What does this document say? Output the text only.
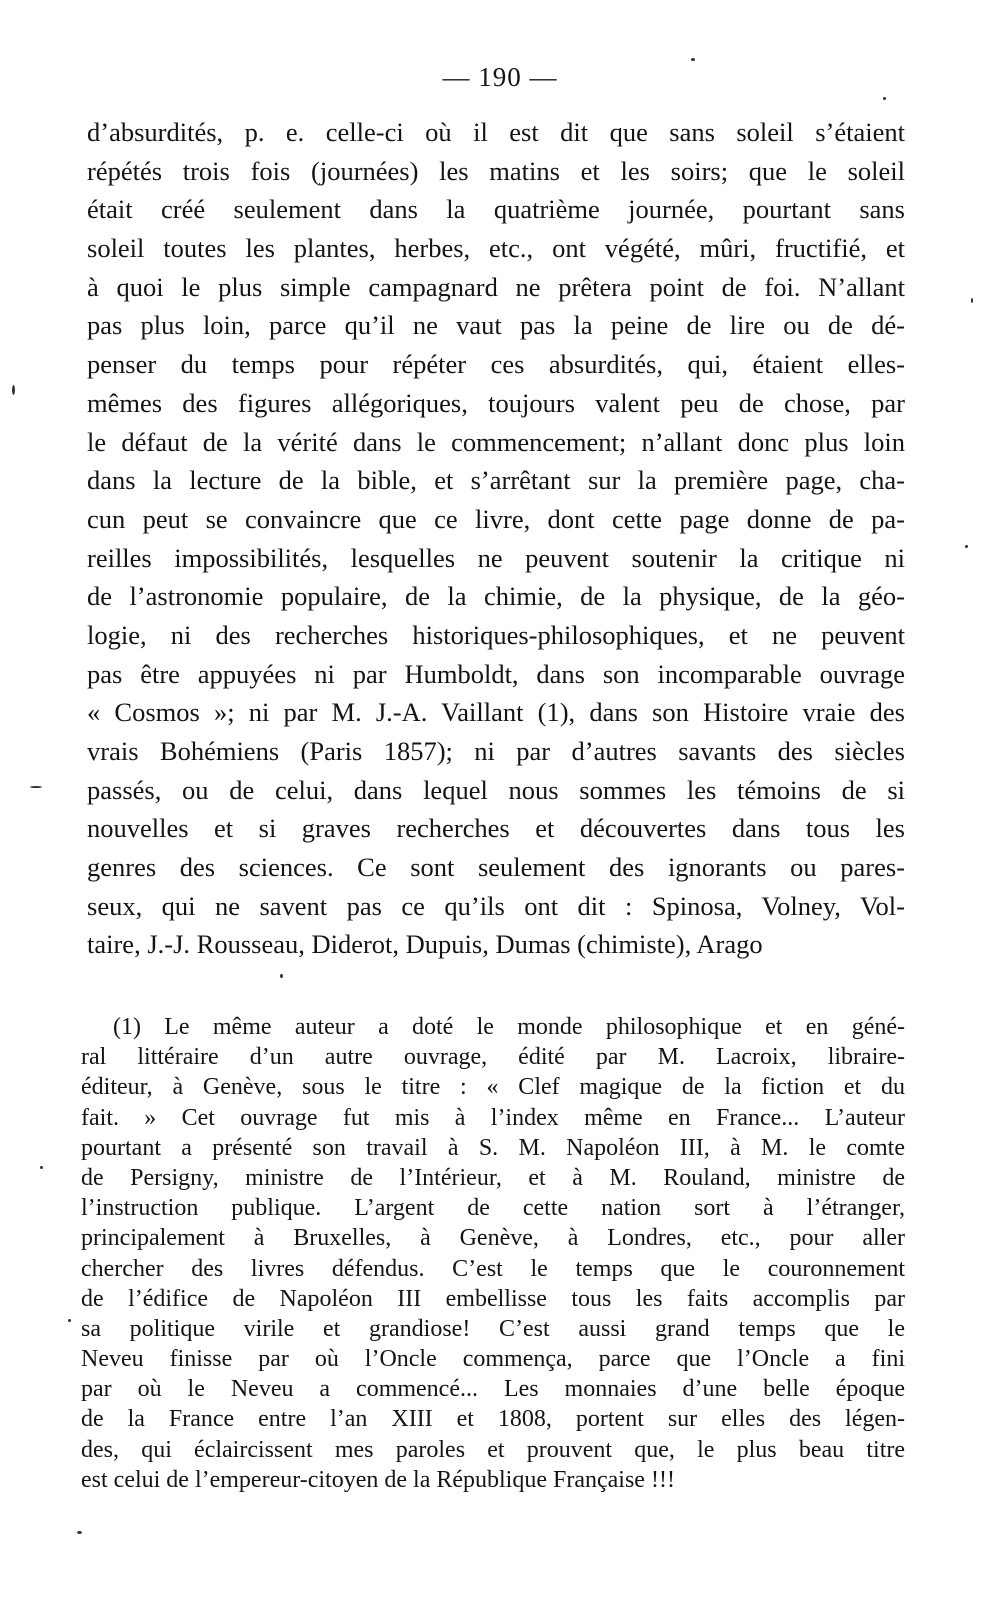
— 190 —
d’absurdités, p. e. celle-ci où il est dit que sans soleil s’étaient
répétés trois fois (journées) les matins et les soirs; que le soleil
était créé seulement dans la quatrième journée, pourtant sans
soleil toutes les plantes, herbes, etc., ont végété, mûri, fructifié, et
à quoi le plus simple campagnard ne prêtera point de foi. N’allant
pas plus loin, parce qu’il ne vaut pas la peine de lire ou de dé-
penser du temps pour répéter ces absurdités, qui, étaient elles-
mêmes des figures allégoriques, toujours valent peu de chose, par
le défaut de la vérité dans le commencement; n’allant donc plus loin
dans la lecture de la bible, et s’arrêtant sur la première page, cha-
cun peut se convaincre que ce livre, dont cette page donne de pa-
reilles impossibilités, lesquelles ne peuvent soutenir la critique ni
de l’astronomie populaire, de la chimie, de la physique, de la géo-
logie, ni des recherches historiques-philosophiques, et ne peuvent
pas être appuyées ni par Humboldt, dans son incomparable ouvrage
« Cosmos »; ni par M. J.-A. Vaillant (1), dans son Histoire vraie des
vrais Bohémiens (Paris 1857); ni par d’autres savants des siècles
passés, ou de celui, dans lequel nous sommes les témoins de si
nouvelles et si graves recherches et découvertes dans tous les
genres des sciences. Ce sont seulement des ignorants ou pares-
seux, qui ne savent pas ce qu’ils ont dit : Spinosa, Volney, Vol-
taire, J.-J. Rousseau, Diderot, Dupuis, Dumas (chimiste), Arago
(1) Le même auteur a doté le monde philosophique et en géné-
ral littéraire d’un autre ouvrage, édité par M. Lacroix, libraire-
éditeur, à Genève, sous le titre : « Clef magique de la fiction et du
fait. » Cet ouvrage fut mis à l’index même en France... L’auteur
pourtant a présenté son travail à S. M. Napoléon III, à M. le comte
de Persigny, ministre de l’Intérieur, et à M. Rouland, ministre de
l’instruction publique. L’argent de cette nation sort à l’étranger,
principalement à Bruxelles, à Genève, à Londres, etc., pour aller
chercher des livres défendus. C’est le temps que le couronnement
de l’édifice de Napoléon III embellisse tous les faits accomplis par
sa politique virile et grandiose! C’est aussi grand temps que le
Neveu finisse par où l’Oncle commença, parce que l’Oncle a fini
par où le Neveu a commencé... Les monnaies d’une belle époque
de la France entre l’an XIII et 1808, portent sur elles des légen-
des, qui éclaircissent mes paroles et prouvent que, le plus beau titre
est celui de l’empereur-citoyen de la République Française !!!
